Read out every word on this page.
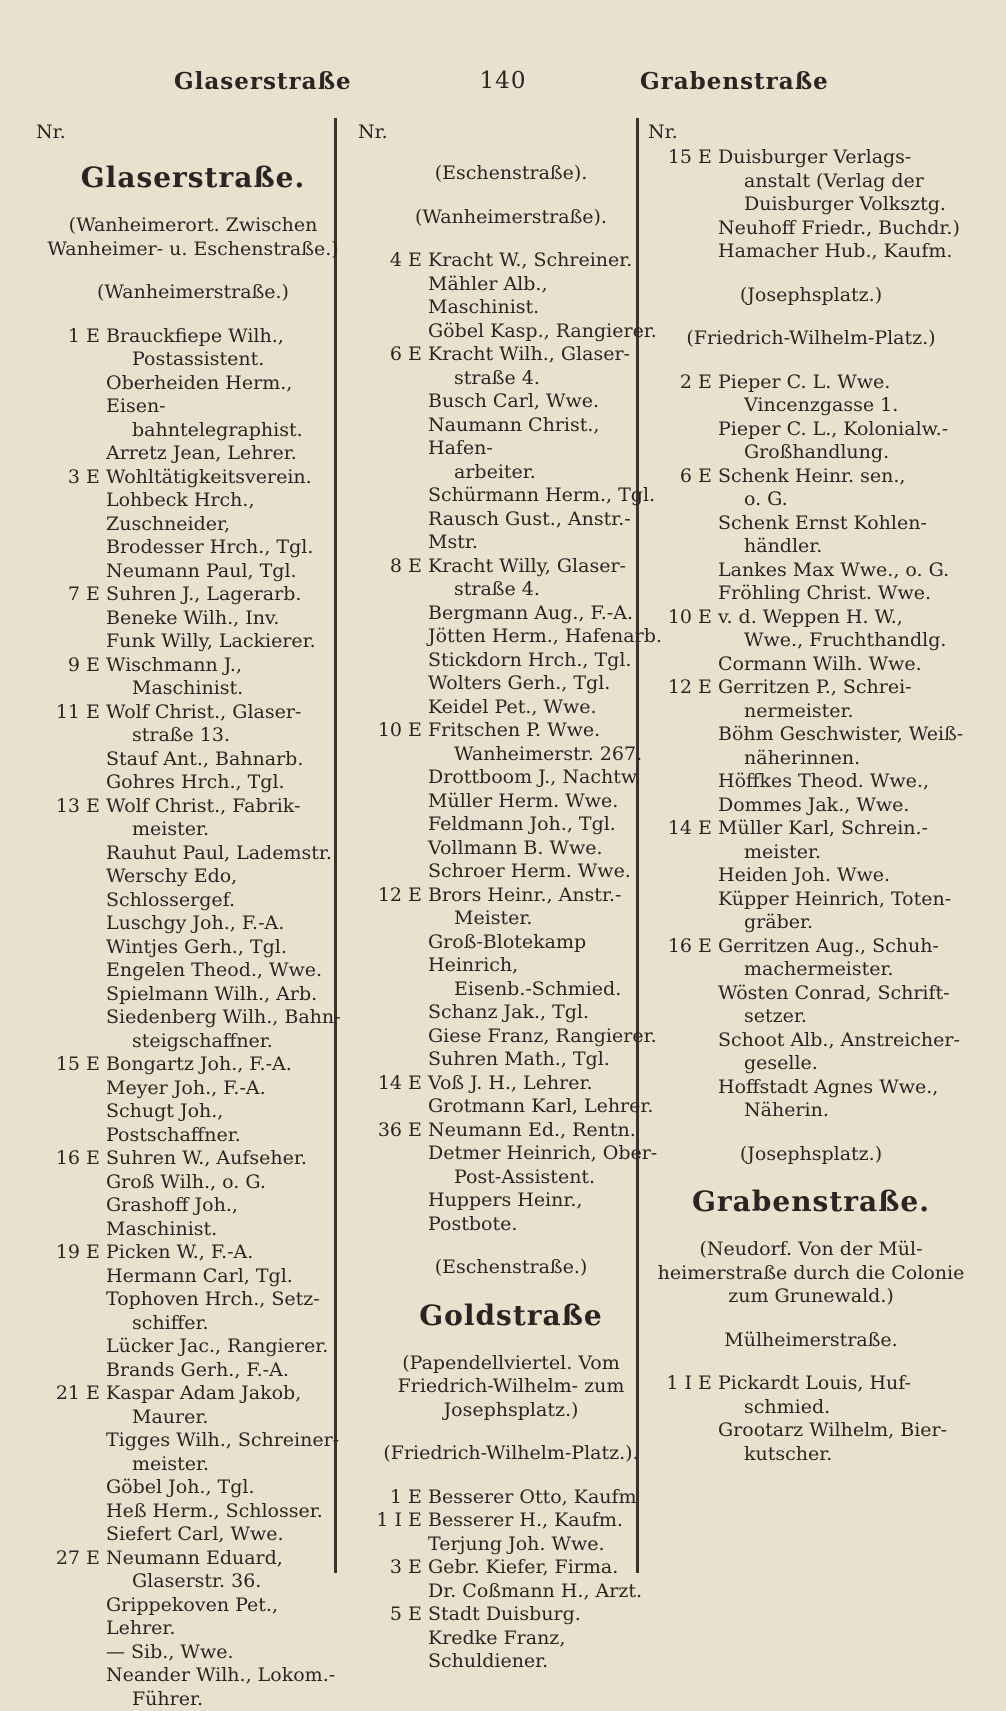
Glaserstraße	140	Grabenstraße
Nr.
Glaserstraße.
(Wanheimerort. Zwischen Wanheimer- u. Eschenstraße.)
(Wanheimerstraße.)
1 E Brauckfiepe Wilh.,
Postassistent.
Oberheiden Herm., Eisen-
bahntelegraphist.
Arretz Jean, Lehrer.
3 E Wohltätigkeitsverein.
Lohbeck Hrch., Zuschneider,
Brodesser Hrch., Tgl.
Neumann Paul, Tgl.
7 E Suhren J., Lagerarb.
Beneke Wilh., Inv.
Funk Willy, Lackierer.
9 E Wischmann J.,
Maschinist.
11 E Wolf Christ., Glaser-
straße 13.
Stauf Ant., Bahnarb.
Gohres Hrch., Tgl.
13 E Wolf Christ., Fabrik-
meister.
Rauhut Paul, Lademstr.
Werschy Edo, Schlossergef.
Luschgy Joh., F.-A.
Wintjes Gerh., Tgl.
Engelen Theod., Wwe.
Spielmann Wilh., Arb.
Siedenberg Wilh., Bahn-
steigschaffner.
15 E Bongartz Joh., F.-A.
Meyer Joh., F.-A.
Schugt Joh., Postschaffner.
16 E Suhren W., Aufseher.
Groß Wilh., o. G.
Grashoff Joh., Maschinist.
19 E Picken W., F.-A.
Hermann Carl, Tgl.
Tophoven Hrch., Setz-
schiffer.
Lücker Jac., Rangierer.
Brands Gerh., F.-A.
21 E Kaspar Adam Jakob,
Maurer.
Tigges Wilh., Schreiner-
meister.
Göbel Joh., Tgl.
Heß Herm., Schlosser.
Siefert Carl, Wwe.
27 E Neumann Eduard,
Glaserstr. 36.
Grippekoven Pet., Lehrer.
— Sib., Wwe.
Neander Wilh., Lokom.-
Führer.
Nr.
(Eschenstraße).
(Wanheimerstraße).
4 E Kracht W., Schreiner.
Mähler Alb., Maschinist.
Göbel Kasp., Rangierer.
6 E Kracht Wilh., Glaser-
straße 4.
Busch Carl, Wwe.
Naumann Christ., Hafen-
arbeiter.
Schürmann Herm., Tgl.
Rausch Gust., Anstr.-Mstr.
8 E Kracht Willy, Glaser-
straße 4.
Bergmann Aug., F.-A.
Jötten Herm., Hafenarb.
Stickdorn Hrch., Tgl.
Wolters Gerh., Tgl.
Keidel Pet., Wwe.
10 E Fritschen P. Wwe.
Wanheimerstr. 267.
Drottboom J., Nachtw.
Müller Herm. Wwe.
Feldmann Joh., Tgl.
Vollmann B. Wwe.
Schroer Herm. Wwe.
12 E Brors Heinr., Anstr.-
Meister.
Groß-Blotekamp Heinrich,
Eisenb.-Schmied.
Schanz Jak., Tgl.
Giese Franz, Rangierer.
Suhren Math., Tgl.
14 E Voß J. H., Lehrer.
Grotmann Karl, Lehrer.
36 E Neumann Ed., Rentn.
Detmer Heinrich, Ober-
Post-Assistent.
Huppers Heinr., Postbote.
(Eschenstraße.)
Goldstraße
(Papendellviertel. Vom Friedrich-Wilhelm- zum Josephsplatz.)
(Friedrich-Wilhelm-Platz.).
1 E Besserer Otto, Kaufm
1 I E Besserer H., Kaufm.
Terjung Joh. Wwe.
3 E Gebr. Kiefer, Firma.
Dr. Coßmann H., Arzt.
5 E Stadt Duisburg.
Kredke Franz, Schuldiener.
Nr.
15 E Duisburger Verlags-
anstalt (Verlag der
Duisburger Volksztg.
Neuhoff Friedr., Buchdr.)
Hamacher Hub., Kaufm.
(Josephsplatz.)
(Friedrich-Wilhelm-Platz.)
2 E Pieper C. L. Wwe.
Vincenzgasse 1.
Pieper C. L., Kolonialw.-
Großhandlung.
6 E Schenk Heinr. sen.,
o. G.
Schenk Ernst Kohlen-
händler.
Lankes Max Wwe., o. G.
Fröhling Christ. Wwe.
10 E v. d. Weppen H. W.,
Wwe., Fruchthandlg.
Cormann Wilh. Wwe.
12 E Gerritzen P., Schrei-
nermeister.
Böhm Geschwister, Weiß-
näherinnen.
Höffkes Theod. Wwe.,
Dommes Jak., Wwe.
14 E Müller Karl, Schrein.-
meister.
Heiden Joh. Wwe.
Küpper Heinrich, Toten-
gräber.
16 E Gerritzen Aug., Schuh-
machermeister.
Wösten Conrad, Schrift-
setzer.
Schoot Alb., Anstreicher-
geselle.
Hoffstadt Agnes Wwe.,
Näherin.
(Josephsplatz.)
Grabenstraße.
(Neudorf. Von der Mül-heimerstraße durch die Colonie zum Grunewald.)
Mülheimerstraße.
1 I E Pickardt Louis, Huf-
schmied.
Grootarz Wilhelm, Bier-
kutscher.
